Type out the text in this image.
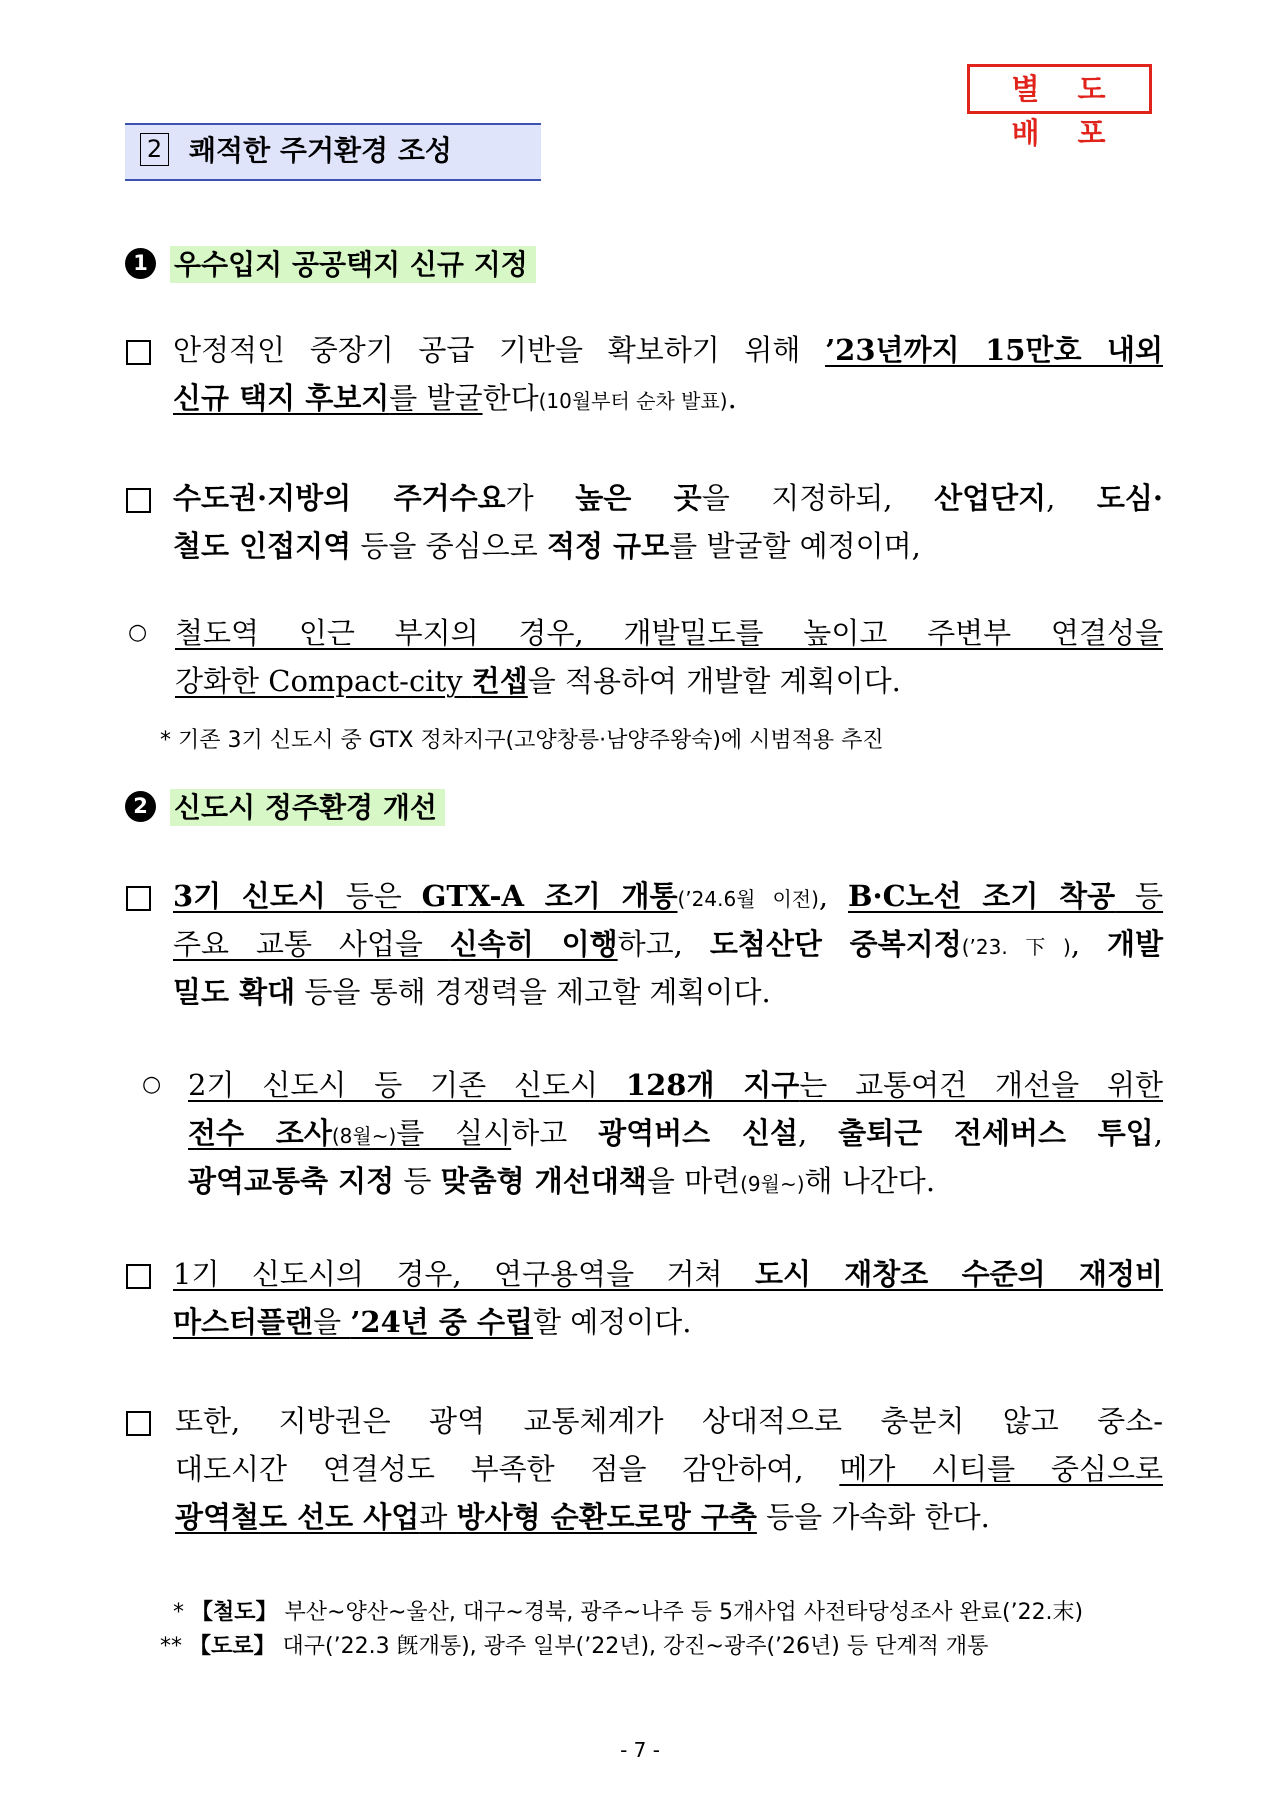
별 도 배 포
2 쾌적한 주거환경 조성
1 우수입지 공공택지 신규 지정
안정적인 중장기 공급 기반을 확보하기 위해 ’23년까지 15만호 내외
신규 택지 후보지를 발굴한다(10월부터 순차 발표).
수도권·지방의 주거수요가 높은 곳을 지정하되, 산업단지, 도심·
철도 인접지역 등을 중심으로 적정 규모를 발굴할 예정이며,
○ 철도역 인근 부지의 경우, 개발밀도를 높이고 주변부 연결성을
강화한 Compact-city 컨셉을 적용하여 개발할 계획이다.
* 기존 3기 신도시 중 GTX 정차지구(고양창릉·남양주왕숙)에 시범적용 추진
2 신도시 정주환경 개선
3기 신도시 등은 GTX-A 조기 개통(’24.6월 이전), B·C노선 조기 착공 등
주요 교통 사업을 신속히 이행하고, 도첨산단 중복지정(’23.下), 개발
밀도 확대 등을 통해 경쟁력을 제고할 계획이다.
○ 2기 신도시 등 기존 신도시 128개 지구는 교통여건 개선을 위한
전수 조사(8월~)를 실시하고 광역버스 신설, 출퇴근 전세버스 투입,
광역교통축 지정 등 맞춤형 개선대책을 마련(9월~)해 나간다.
1기 신도시의 경우, 연구용역을 거쳐 도시 재창조 수준의 재정비
마스터플랜을 ’24년 중 수립할 예정이다.
또한, 지방권은 광역 교통체계가 상대적으로 충분치 않고 중소-
대도시간 연결성도 부족한 점을 감안하여, 메가 시티를 중심으로
광역철도 선도 사업과 방사형 순환도로망 구축 등을 가속화 한다.
* 【철도】 부산~양산~울산, 대구~경북, 광주~나주 등 5개사업 사전타당성조사 완료(’22.末)
** 【도로】 대구(’22.3 旣개통), 광주 일부(’22년), 강진~광주(’26년) 등 단계적 개통
- 7 -
